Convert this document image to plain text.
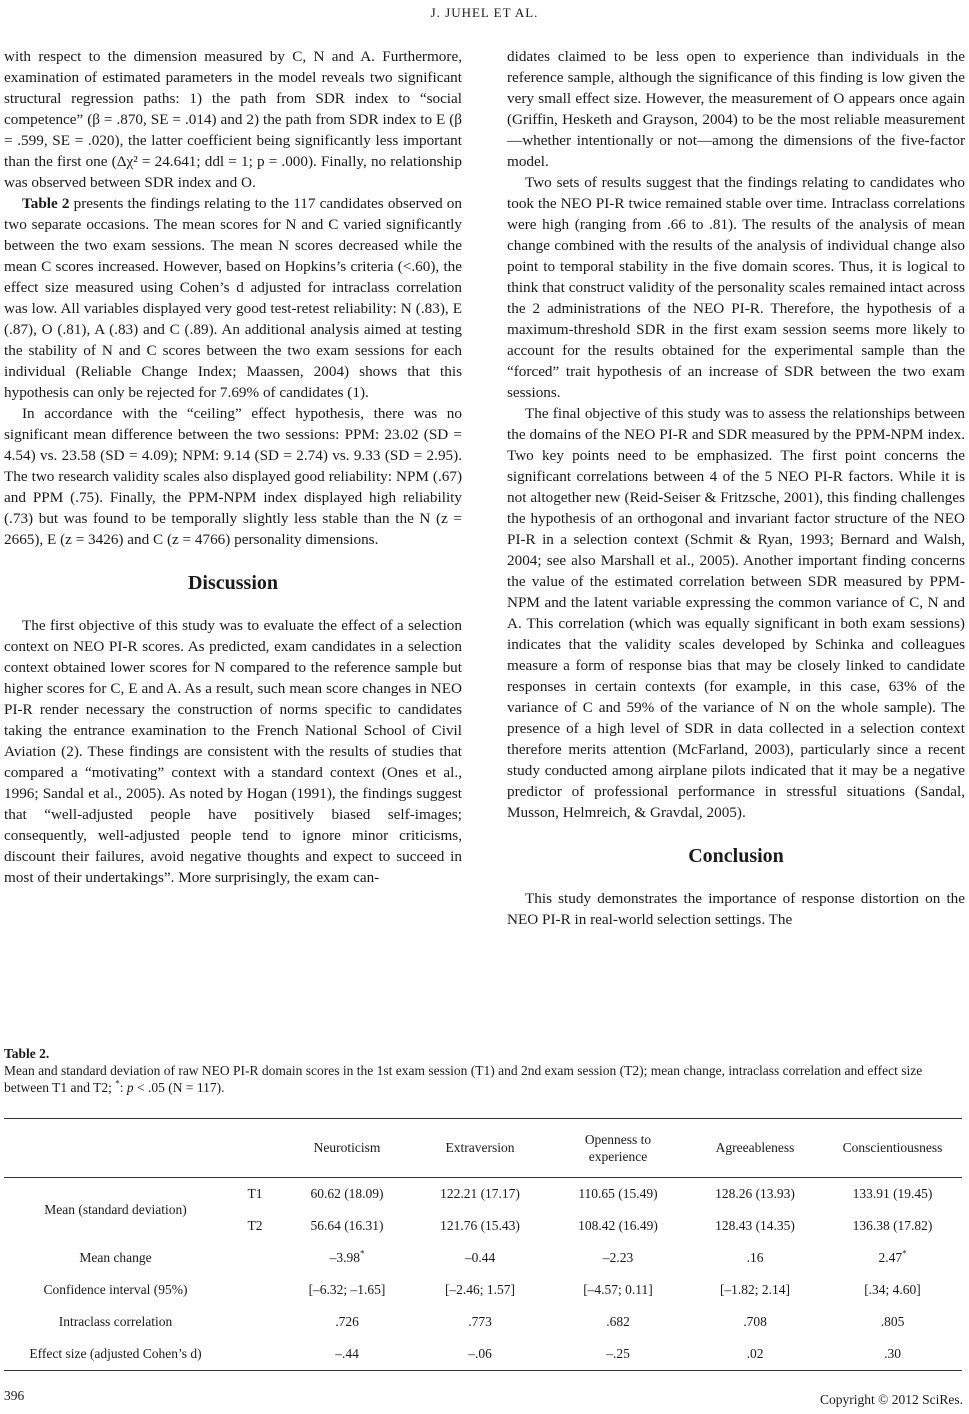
J. JUHEL ET AL.

with respect to the dimension measured by C, N and A. Furthermore, examination of estimated parameters in the model reveals two significant structural regression paths: 1) the path from SDR index to “social competence” (β = .870, SE = .014) and 2) the path from SDR index to E (β = .599, SE = .020), the latter coefficient being significantly less important than the first one (Δχ² = 24.641; ddl = 1; p = .000). Finally, no relationship was observed between SDR index and O.

Table 2 presents the findings relating to the 117 candidates observed on two separate occasions. The mean scores for N and C varied significantly between the two exam sessions. The mean N scores decreased while the mean C scores increased. However, based on Hopkins’s criteria (<.60), the effect size measured using Cohen’s d adjusted for intraclass correlation was low. All variables displayed very good test-retest reliability: N (.83), E (.87), O (.81), A (.83) and C (.89). An additional analysis aimed at testing the stability of N and C scores between the two exam sessions for each individual (Reliable Change Index; Maassen, 2004) shows that this hypothesis can only be rejected for 7.69% of candidates (1).

In accordance with the “ceiling” effect hypothesis, there was no significant mean difference between the two sessions: PPM: 23.02 (SD = 4.54) vs. 23.58 (SD = 4.09); NPM: 9.14 (SD = 2.74) vs. 9.33 (SD = 2.95). The two research validity scales also displayed good reliability: NPM (.67) and PPM (.75). Finally, the PPM-NPM index displayed high reliability (.73) but was found to be temporally slightly less stable than the N (z = 2665), E (z = 3426) and C (z = 4766) personality dimensions.

Discussion

The first objective of this study was to evaluate the effect of a selection context on NEO PI-R scores. As predicted, exam candidates in a selection context obtained lower scores for N compared to the reference sample but higher scores for C, E and A. As a result, such mean score changes in NEO PI-R render necessary the construction of norms specific to candidates taking the entrance examination to the French National School of Civil Aviation (2). These findings are consistent with the results of studies that compared a “motivating” context with a standard context (Ones et al., 1996; Sandal et al., 2005). As noted by Hogan (1991), the findings suggest that “well-adjusted people have positively biased self-images; consequently, well-adjusted people tend to ignore minor criticisms, discount their failures, avoid negative thoughts and expect to succeed in most of their undertakings”. More surprisingly, the exam can-

didates claimed to be less open to experience than individuals in the reference sample, although the significance of this finding is low given the very small effect size. However, the measurement of O appears once again (Griffin, Hesketh and Grayson, 2004) to be the most reliable measurement—whether intentionally or not—among the dimensions of the five-factor model.

Two sets of results suggest that the findings relating to candidates who took the NEO PI-R twice remained stable over time. Intraclass correlations were high (ranging from .66 to .81). The results of the analysis of mean change combined with the results of the analysis of individual change also point to temporal stability in the five domain scores. Thus, it is logical to think that construct validity of the personality scales remained intact across the 2 administrations of the NEO PI-R. Therefore, the hypothesis of a maximum-threshold SDR in the first exam session seems more likely to account for the results obtained for the experimental sample than the “forced” trait hypothesis of an increase of SDR between the two exam sessions.

The final objective of this study was to assess the relationships between the domains of the NEO PI-R and SDR measured by the PPM-NPM index. Two key points need to be emphasized. The first point concerns the significant correlations between 4 of the 5 NEO PI-R factors. While it is not altogether new (Reid-Seiser & Fritzsche, 2001), this finding challenges the hypothesis of an orthogonal and invariant factor structure of the NEO PI-R in a selection context (Schmit & Ryan, 1993; Bernard and Walsh, 2004; see also Marshall et al., 2005). Another important finding concerns the value of the estimated correlation between SDR measured by PPM-NPM and the latent variable expressing the common variance of C, N and A. This correlation (which was equally significant in both exam sessions) indicates that the validity scales developed by Schinka and colleagues measure a form of response bias that may be closely linked to candidate responses in certain contexts (for example, in this case, 63% of the variance of C and 59% of the variance of N on the whole sample). The presence of a high level of SDR in data collected in a selection context therefore merits attention (McFarland, 2003), particularly since a recent study conducted among airplane pilots indicated that it may be a negative predictor of professional performance in stressful situations (Sandal, Musson, Helmreich, & Gravdal, 2005).

Conclusion

This study demonstrates the importance of response distortion on the NEO PI-R in real-world selection settings. The

Table 2.
Mean and standard deviation of raw NEO PI-R domain scores in the 1st exam session (T1) and 2nd exam session (T2); mean change, intraclass correlation and effect size between T1 and T2; *: p < .05 (N = 117).
		Neuroticism	Extraversion	Openness to experience	Agreeableness	Conscientiousness
Mean (standard deviation)	T1	60.62 (18.09)	122.21 (17.17)	110.65 (15.49)	128.26 (13.93)	133.91 (19.45)
	T2	56.64 (16.31)	121.76 (15.43)	108.42 (16.49)	128.43 (14.35)	136.38 (17.82)
Mean change		–3.98*	–0.44	–2.23	.16	2.47*
Confidence interval (95%)		[–6.32; –1.65]	[–2.46; 1.57]	[–4.57; 0.11]	[–1.82; 2.14]	[.34; 4.60]
Intraclass correlation		.726	.773	.682	.708	.805
Effect size (adjusted Cohen’s d)		–.44	–.06	–.25	.02	.30
396	Copyright © 2012 SciRes.
